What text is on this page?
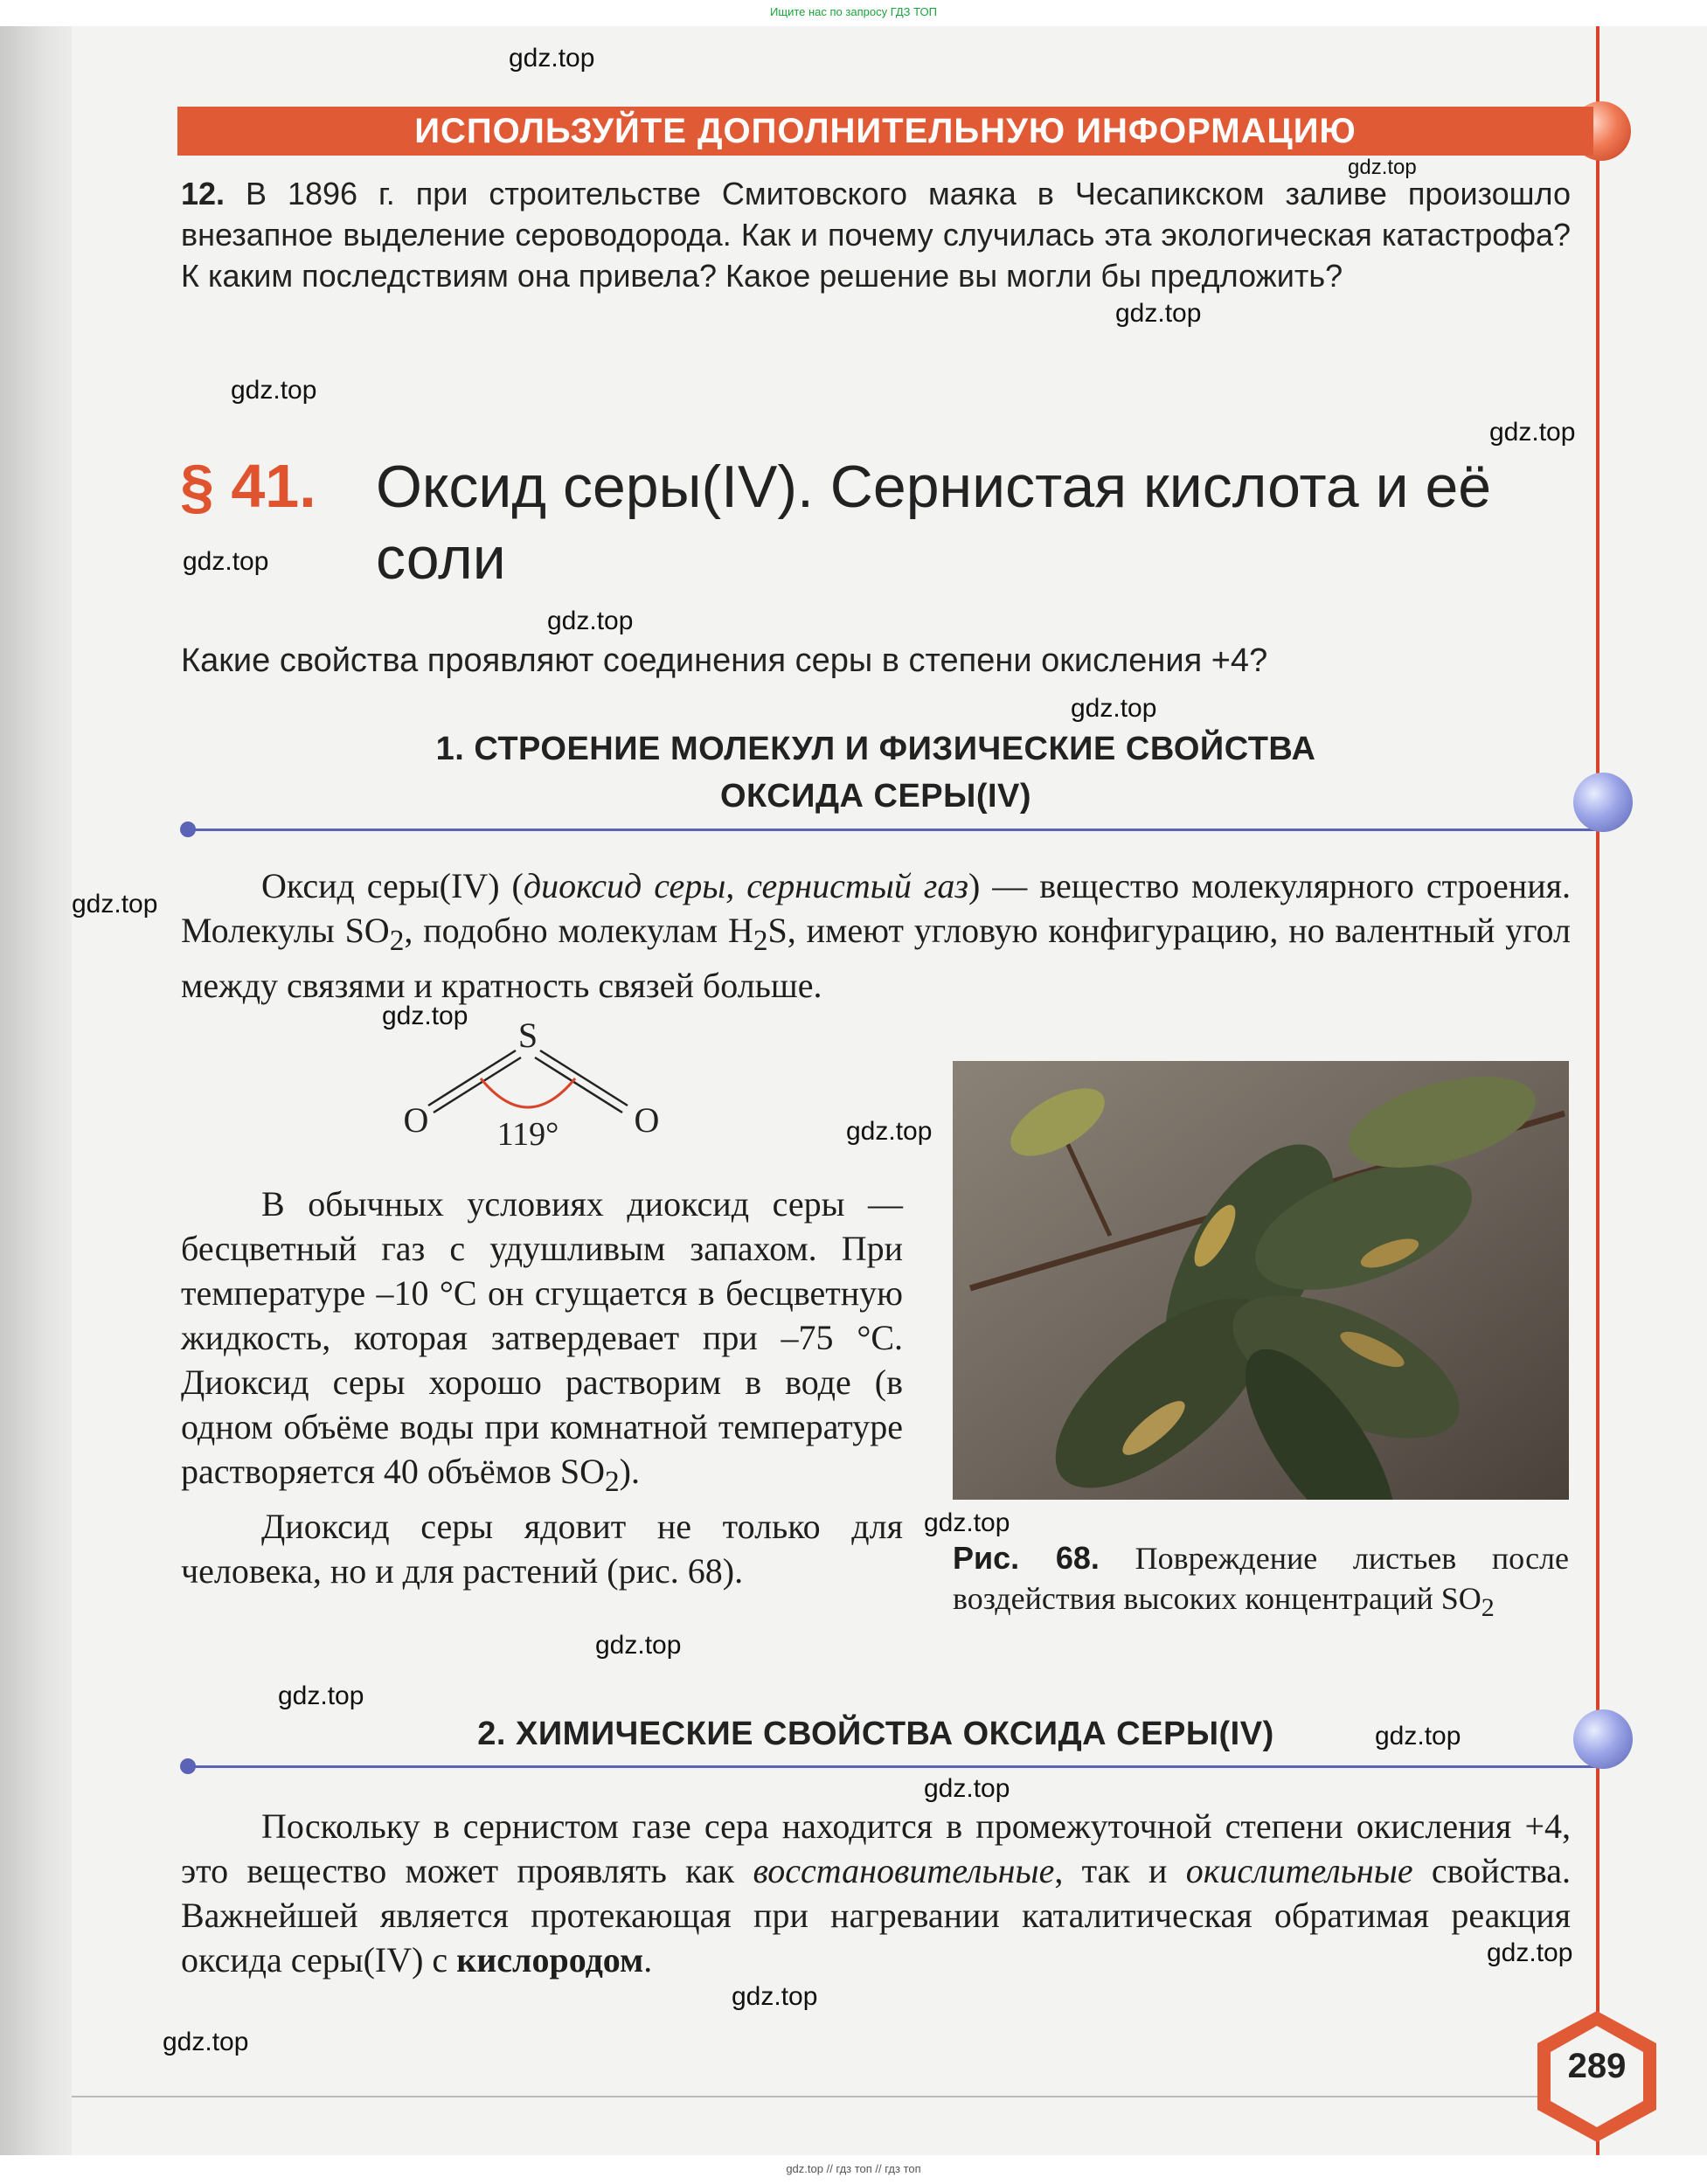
Ищите нас по запросу ГДЗ ТОП
ИСПОЛЬЗУЙТЕ ДОПОЛНИТЕЛЬНУЮ ИНФОРМАЦИЮ
12. В 1896 г. при строительстве Смитовского маяка в Чесапикском заливе произошло внезапное выделение сероводорода. Как и почему случилась эта экологическая катастрофа? К каким последствиям она привела? Какое решение вы могли бы предложить?
§ 41. Оксид серы(IV). Сернистая кислота и её соли
Какие свойства проявляют соединения серы в степени окисления +4?
1. СТРОЕНИЕ МОЛЕКУЛ И ФИЗИЧЕСКИЕ СВОЙСТВА
ОКСИДА СЕРЫ(IV)
Оксид серы(IV) (диоксид серы, сернистый газ) — вещество молекулярного строения. Молекулы $SO_2$, подобно молекулам $H_2S$, имеют угловую конфигурацию, но валентный угол между связями и кратность связей больше.
S
O	O
119°

В обычных условиях диоксид серы — бесцветный газ с удушливым запахом. При температуре –10 °С он сгущается в бесцветную жидкость, которая затвердевает при –75 °С. Диоксид серы хорошо растворим в воде (в одном объёме воды при комнатной температуре растворяется 40 объёмов $SO_2$).

Диоксид серы ядовит не только для человека, но и для растений (рис. 68).	Рис. 68. Повреждение листьев после воздействия высоких концентраций $SO_2$
2. ХИМИЧЕСКИЕ СВОЙСТВА ОКСИДА СЕРЫ(IV)
Поскольку в сернистом газе сера находится в промежуточной степени окисления +4, это вещество может проявлять как восстановительные, так и окислительные свойства. Важнейшей является протекающая при нагревании каталитическая обратимая реакция оксида серы(IV) с кислородом.
289
gdz.top
gdz.top
gdz.top
gdz.top
gdz.top
gdz.top
gdz.top
gdz.top
gdz.top
gdz.top
gdz.top
gdz.top
gdz.top
gdz.top
gdz.top
gdz.top
gdz.top
gdz.top
gdz.top
gdz.top // гдз топ // гдз топ
